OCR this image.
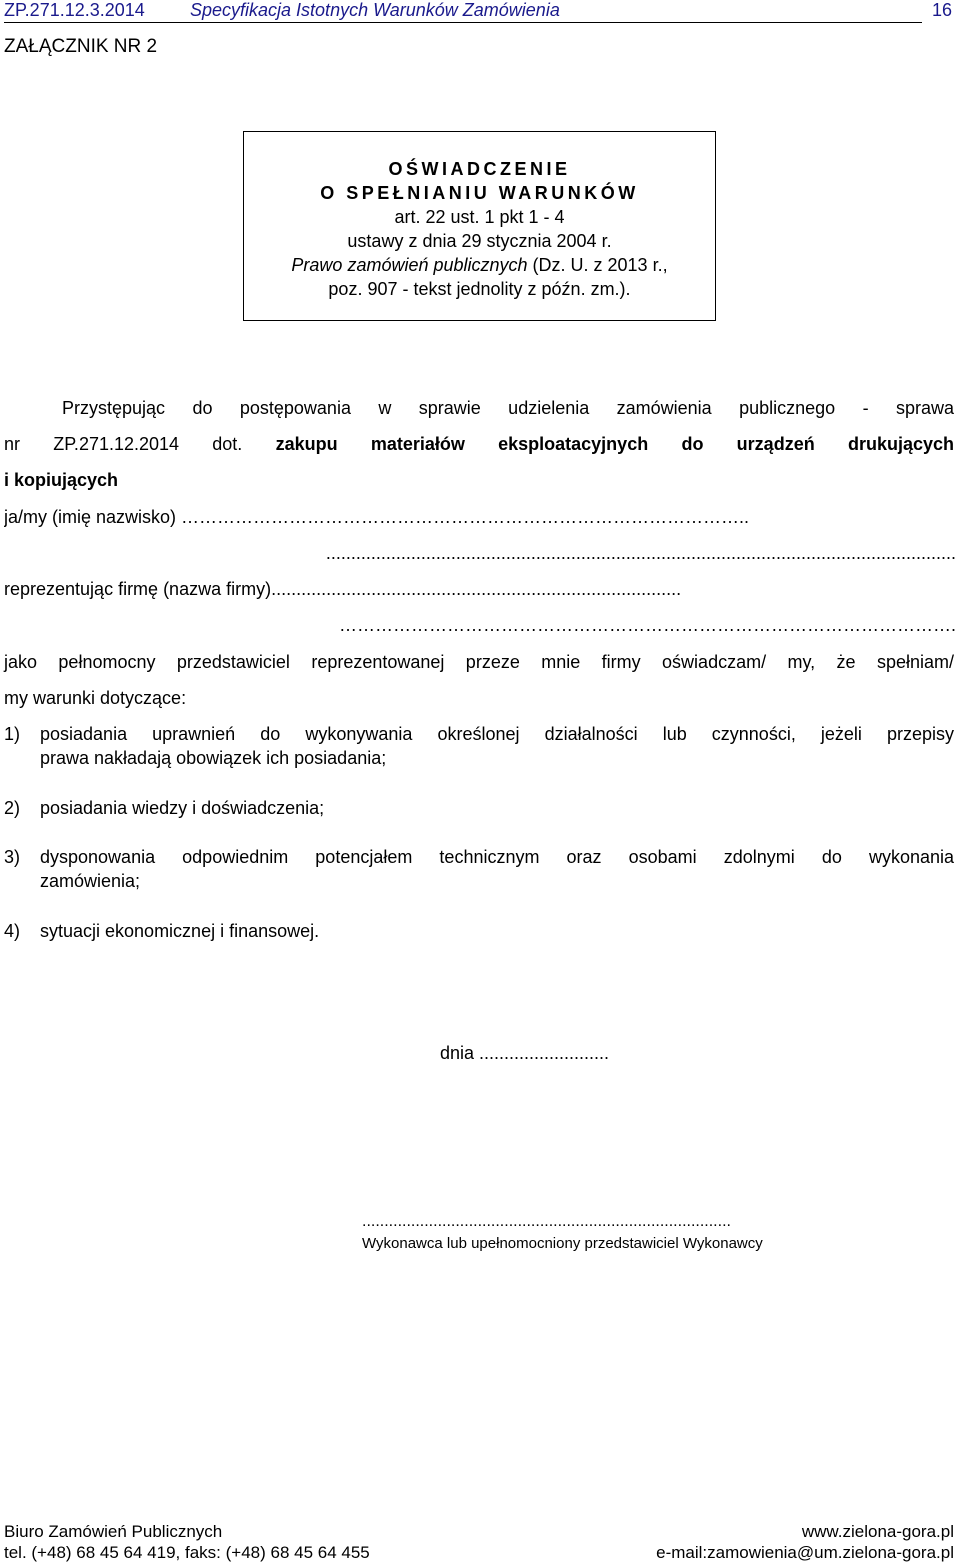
ZP.271.12.3.2014	Specyfikacja Istotnych Warunków Zamówienia	16
ZAŁĄCZNIK NR 2
OŚWIADCZENIE
O SPEŁNIANIU WARUNKÓW
art. 22 ust. 1 pkt 1 - 4
ustawy z dnia 29 stycznia 2004 r.
Prawo zamówień publicznych (Dz. U. z 2013 r.,
poz. 907 - tekst jednolity z późn. zm.).
Przystępując do postępowania w sprawie udzielenia zamówienia publicznego - sprawa
nr ZP.271.12.2014 dot. zakupu materiałów eksploatacyjnych do urządzeń drukujących
i kopiujących
ja/my (imię nazwisko) …………………………………………………………………………………..
..............................................................................................................................
reprezentując firmę (nazwa firmy)..................................................................................
………………………………………………………………………………………….
jako pełnomocny przedstawiciel reprezentowanej przeze mnie firmy oświadczam/ my, że spełniam/
my warunki dotyczące:
1) posiadania uprawnień do wykonywania określonej działalności lub czynności, jeżeli przepisy
prawa nakładają obowiązek ich posiadania;
2) posiadania wiedzy i doświadczenia;
3) dysponowania odpowiednim potencjałem technicznym oraz osobami zdolnymi do wykonania
zamówienia;
4) sytuacji ekonomicznej i finansowej.
dnia ..........................
...................................................................................
Wykonawca lub upełnomocniony przedstawiciel Wykonawcy
Biuro Zamówień Publicznych
tel. (+48) 68 45 64 419, faks: (+48) 68 45 64 455
www.zielona-gora.pl
e-mail:zamowienia@um.zielona-gora.pl
